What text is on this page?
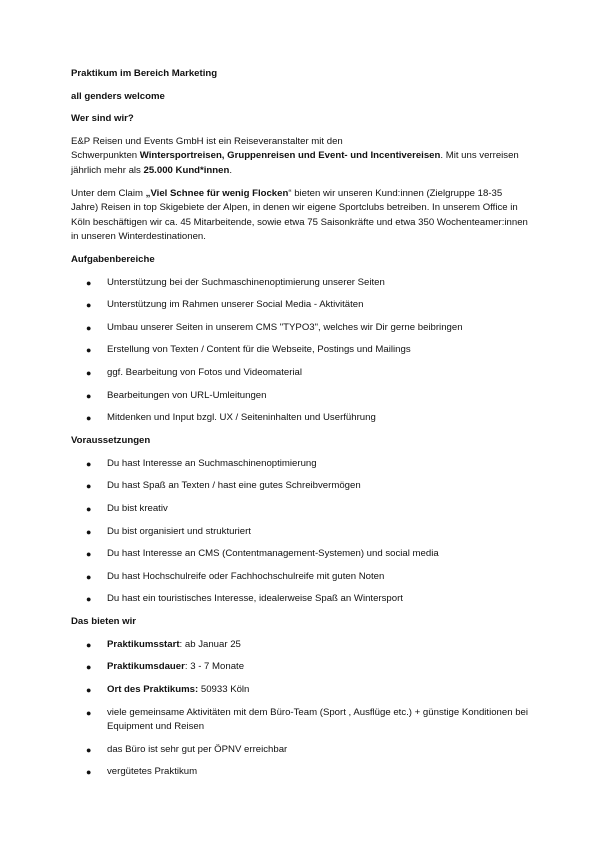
Praktikum im Bereich Marketing
all genders welcome
Wer sind wir?

E&P Reisen und Events GmbH ist ein Reiseveranstalter mit den
Schwerpunkten Wintersportreisen, Gruppenreisen und Event- und Incentivereisen. Mit uns verreisen jährlich mehr als 25.000 Kund*innen.

Unter dem Claim „Viel Schnee für wenig Flocken“ bieten wir unseren Kund:innen (Zielgruppe 18-35 Jahre) Reisen in top Skigebiete der Alpen, in denen wir eigene Sportclubs betreiben. In unserem Office in Köln beschäftigen wir ca. 45 Mitarbeitende, sowie etwa 75 Saisonkräfte und etwa 350 Wochenteamer:innen in unseren Winterdestinationen.

Aufgabenbereiche
● Unterstützung bei der Suchmaschinenoptimierung unserer Seiten
● Unterstützung im Rahmen unserer Social Media - Aktivitäten
● Umbau unserer Seiten in unserem CMS "TYPO3", welches wir Dir gerne beibringen
● Erstellung von Texten / Content für die Webseite, Postings und Mailings
● ggf. Bearbeitung von Fotos und Videomaterial
● Bearbeitungen von URL-Umleitungen
● Mitdenken und Input bzgl. UX / Seiteninhalten und Userführung
Voraussetzungen
● Du hast Interesse an Suchmaschinenoptimierung
● Du hast Spaß an Texten / hast eine gutes Schreibvermögen
● Du bist kreativ
● Du bist organisiert und strukturiert
● Du hast Interesse an CMS (Contentmanagement-Systemen) und social media
● Du hast Hochschulreife oder Fachhochschulreife mit guten Noten
● Du hast ein touristisches Interesse, idealerweise Spaß an Wintersport
Das bieten wir
● Praktikumsstart: ab Januar 25
● Praktikumsdauer: 3 - 7 Monate
● Ort des Praktikums: 50933 Köln
● viele gemeinsame Aktivitäten mit dem Büro-Team (Sport , Ausflüge etc.) + günstige Konditionen bei Equipment und Reisen
● das Büro ist sehr gut per ÖPNV erreichbar
● vergütetes Praktikum
